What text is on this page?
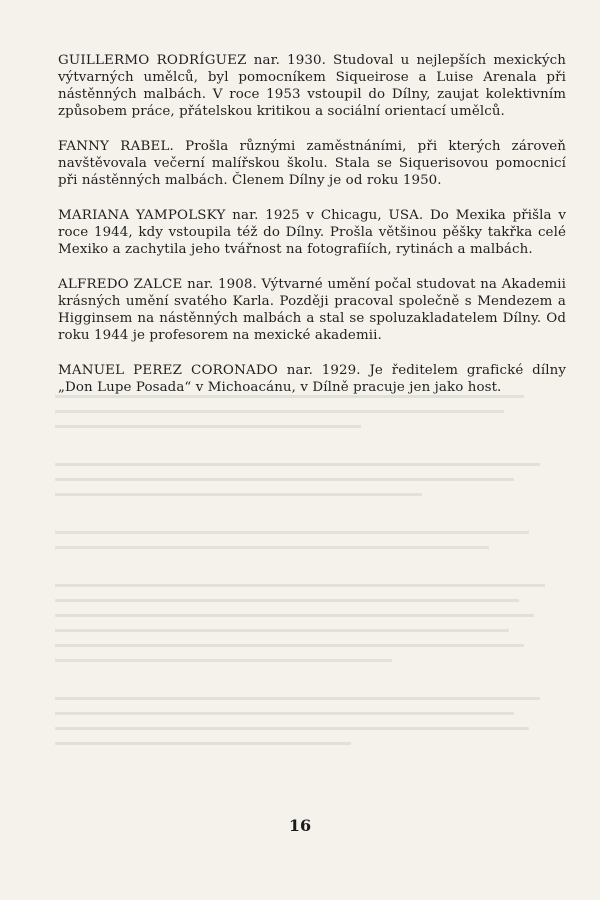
GUILLERMO RODRÍGUEZ nar. 1930. Studoval u nejlepších mexických výtvarných umělců, byl pomocníkem Siqueirose a Luise Arenala při nástěnných malbách. V roce 1953 vstoupil do Dílny, zaujat kolektivním způsobem práce, přátelskou kritikou a sociální orientací umělců.

FANNY RABEL. Prošla různými zaměstnáními, při kterých zároveň navštěvovala večerní malířskou školu. Stala se Siquerisovou pomocnicí při nástěnných malbách. Členem Dílny je od roku 1950.

MARIANA YAMPOLSKY nar. 1925 v Chicagu, USA. Do Mexika přišla v roce 1944, kdy vstoupila též do Dílny. Prošla většinou pěšky takřka celé Mexiko a zachytila jeho tvářnost na fotografiích, rytinách a malbách.

ALFREDO ZALCE nar. 1908. Výtvarné umění počal studovat na Akademii krásných umění svatého Karla. Později pracoval společně s Mendezem a Higginsem na nástěnných malbách a stal se spoluzakladatelem Dílny. Od roku 1944 je profesorem na mexické akademii.

MANUEL PEREZ CORONADO nar. 1929. Je ředitelem grafické dílny „Don Lupe Posada“ v Michoacánu, v Dílně pracuje jen jako host.

16
